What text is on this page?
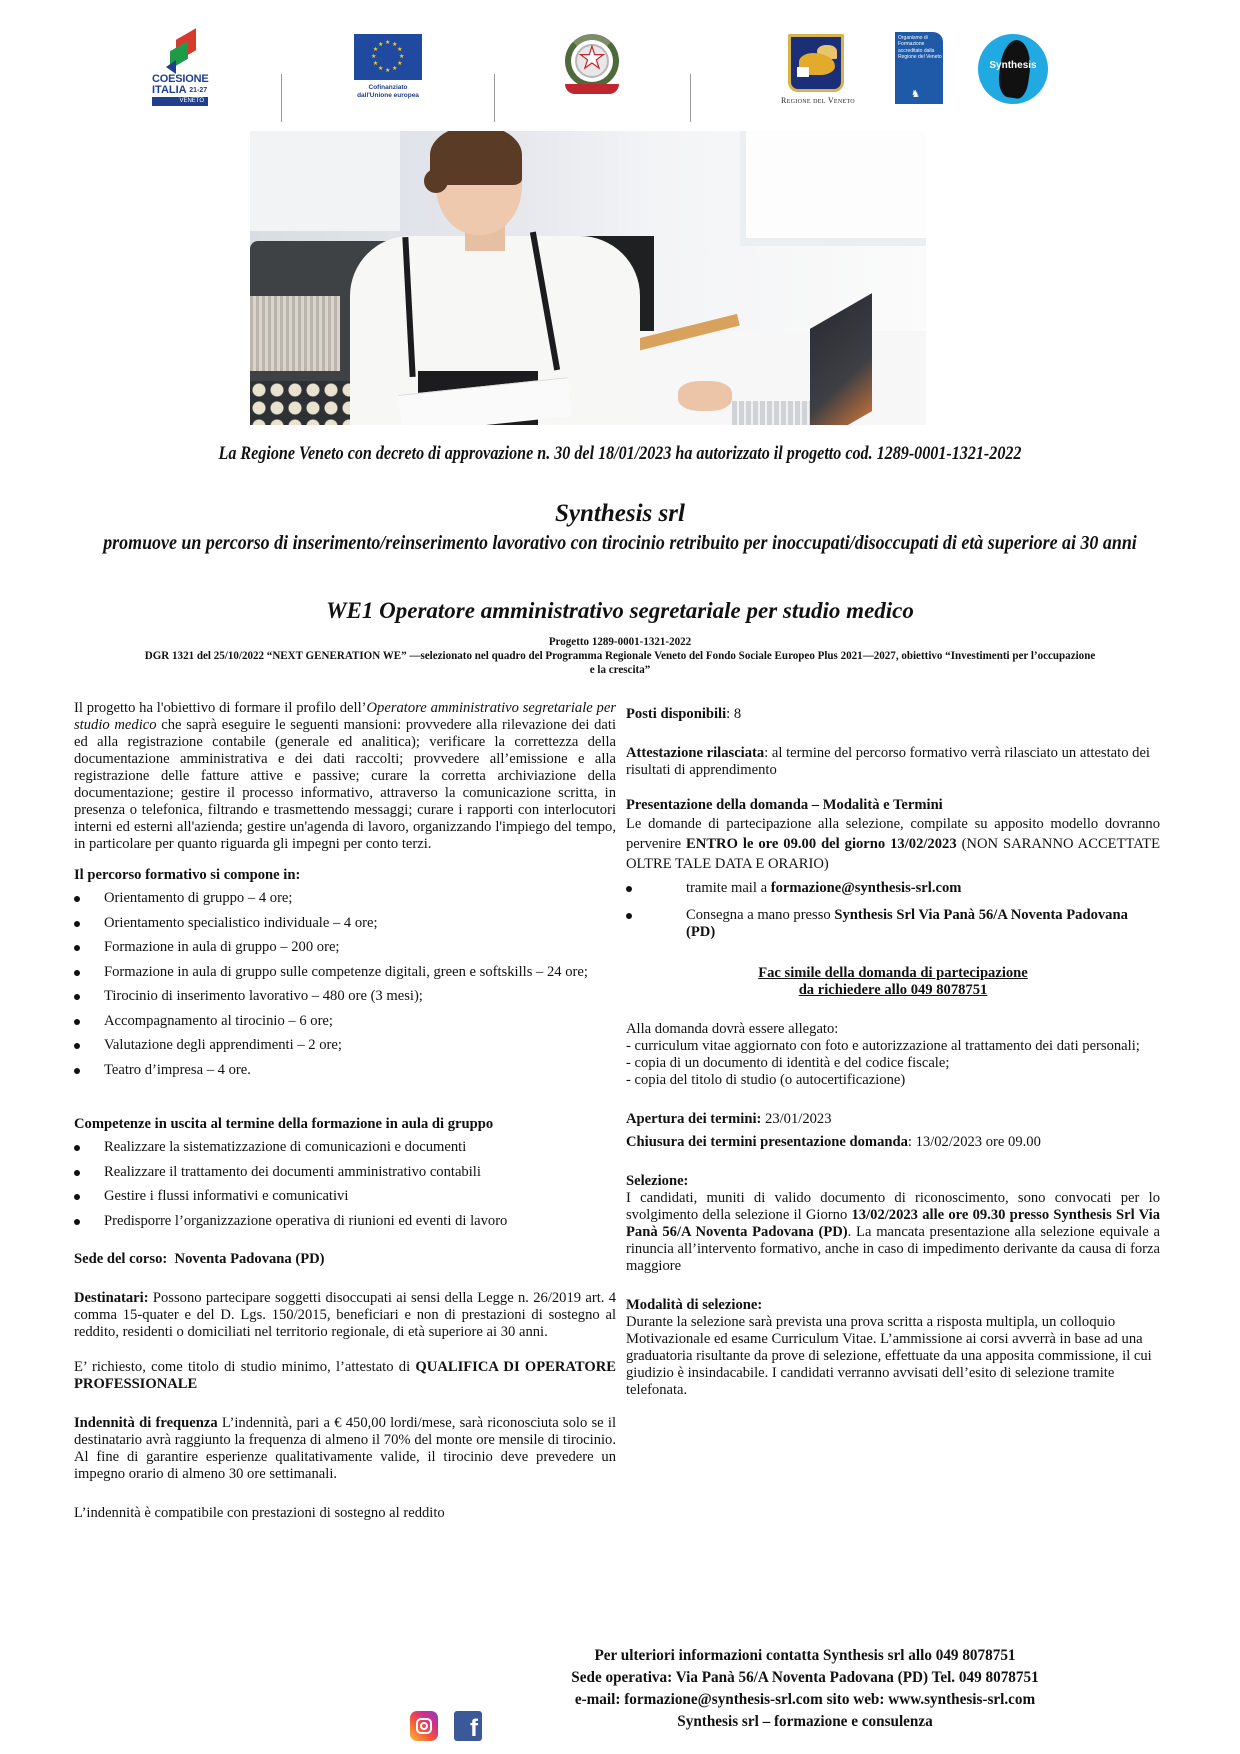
COESIONE
ITALIA $^{21-27}$
VENETO
★
★
★
★
★
★
★
★
★ ★ ★
★
Cofinanziato
dall'Unione europea
★
Regione del Veneto
Organismo di Formazione accreditato dalla Regione del Veneto
♞
Synthesis
La Regione Veneto con decreto di approvazione n. 30 del 18/01/2023 ha autorizzato il progetto cod. 1289-0001-1321-2022
Synthesis srl
promuove un percorso di inserimento/reinserimento lavorativo con tirocinio retribuito per inoccupati/disoccupati di età superiore ai 30 anni
WE1 Operatore amministrativo segretariale per studio medico
Progetto 1289-0001-1321-2022
DGR 1321 del 25/10/2022 “NEXT GENERATION WE” —selezionato nel quadro del Programma Regionale Veneto del Fondo Sociale Europeo Plus 2021—2027, obiettivo “Investimenti per l’occupazione e la crescita”

Il progetto ha l'obiettivo di formare il profilo dell’Operatore amministrativo segretariale per studio medico che saprà eseguire le seguenti mansioni: provvedere alla rilevazione dei dati ed alla registrazione contabile (generale ed analitica); verificare la correttezza della documentazione amministrativa e dei dati raccolti; provvedere all’emissione e alla registrazione delle fatture attive e passive; curare la corretta archiviazione della documentazione; gestire il processo informativo, attraverso la comunicazione scritta, in presenza o telefonica, filtrando e trasmettendo messaggi; curare i rapporti con interlocutori interni ed esterni all'azienda; gestire un'agenda di lavoro, organizzando l'impiego del tempo, in particolare per quanto riguarda gli impegni per conto terzi.

Il percorso formativo si compone in:

Orientamento di gruppo – 4 ore;
Orientamento specialistico individuale – 4 ore;
Formazione in aula di gruppo – 200 ore;
Formazione in aula di gruppo sulle competenze digitali, green e softskills – 24 ore;
Tirocinio di inserimento lavorativo – 480 ore (3 mesi);
Accompagnamento al tirocinio – 6 ore;
Valutazione degli apprendimenti – 2 ore;
Teatro d’impresa – 4 ore.

Competenze in uscita al termine della formazione in aula di gruppo

Realizzare la sistematizzazione di comunicazioni e documenti
Realizzare il trattamento dei documenti amministrativo contabili
Gestire i flussi informativi e comunicativi
Predisporre l’organizzazione operativa di riunioni ed eventi di lavoro

Sede del corso: Noventa Padovana (PD)

Destinatari: Possono partecipare soggetti disoccupati ai sensi della Legge n. 26/2019 art. 4 comma 15-quater e del D. Lgs. 150/2015, beneficiari e non di prestazioni di sostegno al reddito, residenti o domiciliati nel territorio regionale, di età superiore ai 30 anni.

E’ richiesto, come titolo di studio minimo, l’attestato di QUALIFICA DI OPERATORE PROFESSIONALE

Indennità di frequenza L’indennità, pari a € 450,00 lordi/mese, sarà riconosciuta solo se il destinatario avrà raggiunto la frequenza di almeno il 70% del monte ore mensile di tirocinio. Al fine di garantire esperienze qualitativamente valide, il tirocinio deve prevedere un impegno orario di almeno 30 ore settimanali.

L’indennità è compatibile con prestazioni di sostegno al reddito

Posti disponibili: 8

Attestazione rilasciata: al termine del percorso formativo verrà rilasciato un attestato dei risultati di apprendimento

Presentazione della domanda – Modalità e Termini

Le domande di partecipazione alla selezione, compilate su apposito modello dovranno pervenire ENTRO le ore 09.00 del giorno 13/02/2023 (NON SARANNO ACCETTATE OLTRE TALE DATA E ORARIO)

tramite mail a formazione@synthesis-srl.com
Consegna a mano presso Synthesis Srl Via Panà 56/A Noventa Padovana (PD)
Fac simile della domanda di partecipazione
da richiedere allo 049 8078751

Alla domanda dovrà essere allegato:

- curriculum vitae aggiornato con foto e autorizzazione al trattamento dei dati personali;

- copia di un documento di identità e del codice fiscale;

- copia del titolo di studio (o autocertificazione)

Apertura dei termini: 23/01/2023

Chiusura dei termini presentazione domanda: 13/02/2023 ore 09.00

Selezione:

I candidati, muniti di valido documento di riconoscimento, sono convocati per lo svolgimento della selezione il Giorno 13/02/2023 alle ore 09.30 presso Synthesis Srl Via Panà 56/A Noventa Padovana (PD). La mancata presentazione alla selezione equivale a rinuncia all’intervento formativo, anche in caso di impedimento derivante da causa di forza maggiore

Modalità di selezione:

Durante la selezione sarà prevista una prova scritta a risposta multipla, un colloquio Motivazionale ed esame Curriculum Vitae. L’ammissione ai corsi avverrà in base ad una graduatoria risultante da prove di selezione, effettuate da una apposita commissione, il cui giudizio è insindacabile. I candidati verranno avvisati dell’esito di selezione tramite telefonata.

Per ulteriori informazioni contatta Synthesis srl allo 049 8078751
Sede operativa: Via Panà 56/A Noventa Padovana (PD) Tel. 049 8078751
e-mail: formazione@synthesis-srl.com sito web: www.synthesis-srl.com
Synthesis srl – formazione e consulenza
f
